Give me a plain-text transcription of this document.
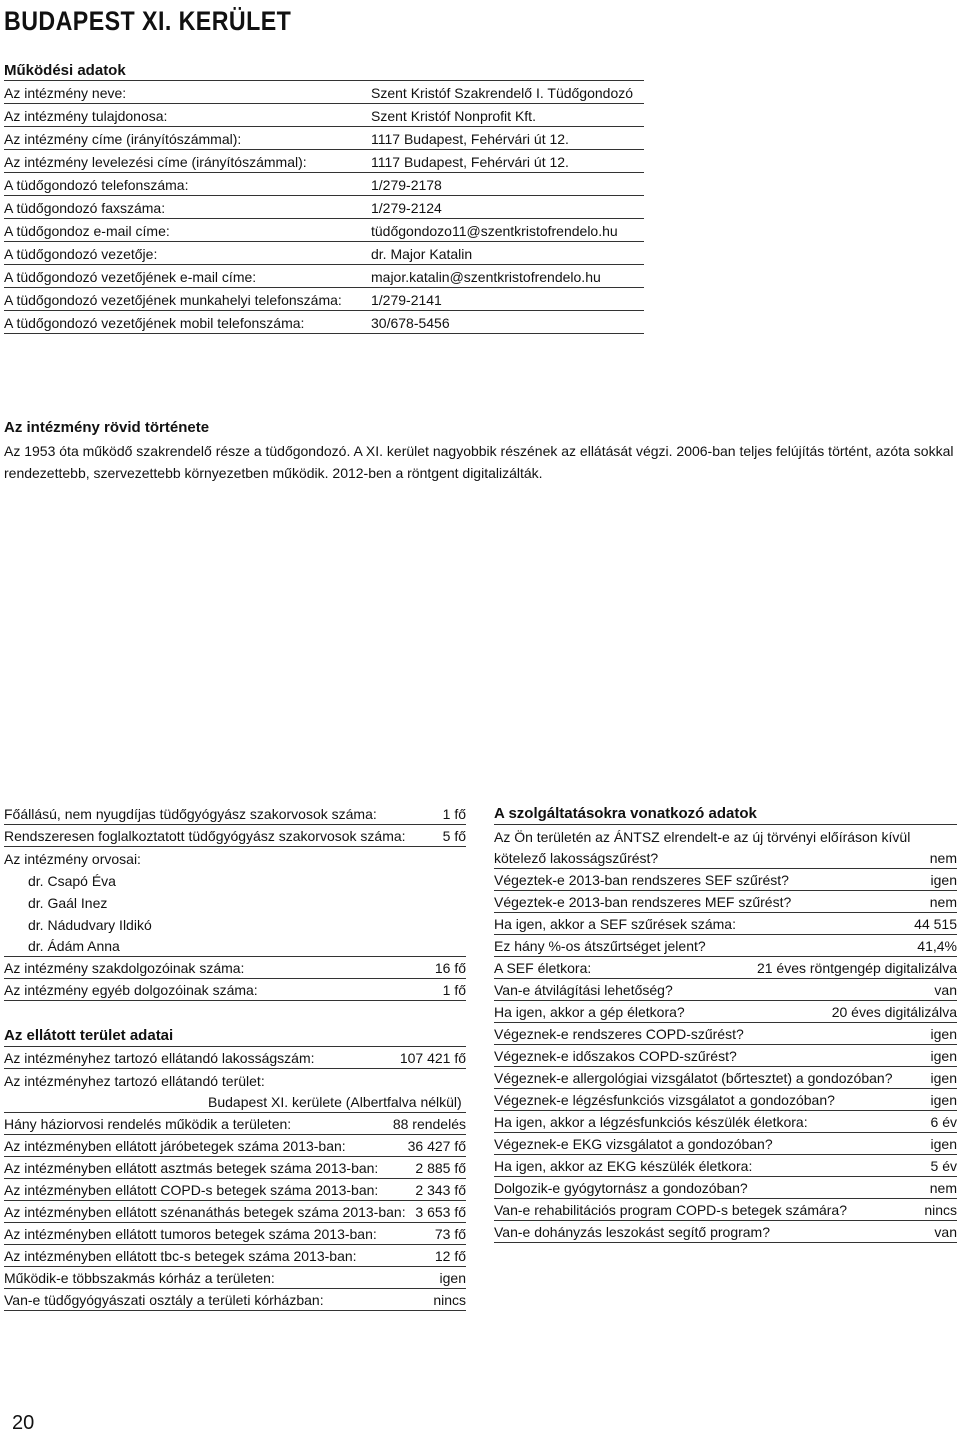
BUDAPEST XI. KERÜLET
Működési adatok
Az intézmény neve:	Szent Kristóf Szakrendelő I. Tüdőgondozó
Az intézmény tulajdonosa:	Szent Kristóf Nonprofit Kft.
Az intézmény címe (irányítószámmal):	1117 Budapest, Fehérvári út 12.
Az intézmény levelezési címe (irányítószámmal):	1117 Budapest, Fehérvári út 12.
A tüdőgondozó telefonszáma:	1/279-2178
A tüdőgondozó faxszáma:	1/279-2124
A tüdőgondoz e-mail címe:	tüdőgondozo11@szentkristofrendelo.hu
A tüdőgondozó vezetője:	dr. Major Katalin
A tüdőgondozó vezetőjének e-mail címe:	major.katalin@szentkristofrendelo.hu
A tüdőgondozó vezetőjének munkahelyi telefonszáma: 1/279-2141
A tüdőgondozó vezetőjének mobil telefonszáma:	30/678-5456
Az intézmény rövid története

Az 1953 óta működő szakrendelő része a tüdőgondozó. A XI. kerület nagyobbik részének az ellátását végzi. 2006-ban teljes felújítás történt, azóta sokkal rendezettebb, szervezettebb környezetben működik. 2012-ben a röntgent digitalizálták.

Főállású, nem nyugdíjas tüdőgyógyász szakorvosok száma:	1 fő
Rendszeresen foglalkoztatott tüdőgyógyász szakorvosok száma:	5 fő
Az intézmény orvosai:
dr. Csapó Éva
dr. Gaál Inez
dr. Nádudvary Ildikó
dr. Ádám Anna
Az intézmény szakdolgozóinak száma:	16 fő
Az intézmény egyéb dolgozóinak száma:	1 fő
Az ellátott terület adatai
Az intézményhez tartozó ellátandó lakosságszám:	107 421 fő
Az intézményhez tartozó ellátandó terület:
Budapest XI. kerülete (Albertfalva nélkül)
Hány háziorvosi rendelés működik a területen:	88 rendelés
Az intézményben ellátott járóbetegek száma 2013-ban:	36 427 fő
Az intézményben ellátott asztmás betegek száma 2013-ban:	2 885 fő
Az intézményben ellátott COPD-s betegek száma 2013-ban:	2 343 fő
Az intézményben ellátott szénanáthás betegek száma 2013-ban: 3 653 fő
Az intézményben ellátott tumoros betegek száma 2013-ban:	73 fő
Az intézményben ellátott tbc-s betegek száma 2013-ban:	12 fő
Működik-e többszakmás kórház a területen:	igen
Van-e tüdőgyógyászati osztály a területi kórházban:	nincs
A szolgáltatásokra vonatkozó adatok
Az Ön területén az ÁNTSZ elrendelt-e az új törvényi előíráson kívül
kötelező lakosságszűrést?	nem
Végeztek-e 2013-ban rendszeres SEF szűrést?	igen
Végeztek-e 2013-ban rendszeres MEF szűrést?	nem
Ha igen, akkor a SEF szűrések száma:	44 515
Ez hány %-os átszűrtséget jelent?	41,4%
A SEF életkora:	21 éves röntgengép digitalizálva
Van-e átvilágítási lehetőség?	van
Ha igen, akkor a gép életkora?	20 éves digitálizálva
Végeznek-e rendszeres COPD-szűrést?	igen
Végeznek-e időszakos COPD-szűrést?	igen
Végeznek-e allergológiai vizsgálatot (bőrtesztet) a gondozóban?	igen
Végeznek-e légzésfunkciós vizsgálatot a gondozóban?	igen
Ha igen, akkor a légzésfunkciós készülék életkora:	6 év
Végeznek-e EKG vizsgálatot a gondozóban?	igen
Ha igen, akkor az EKG készülék életkora:	5 év
Dolgozik-e gyógytornász a gondozóban?	nem
Van-e rehabilitációs program COPD-s betegek számára?	nincs
Van-e dohányzás leszokást segítő program?	van
20
